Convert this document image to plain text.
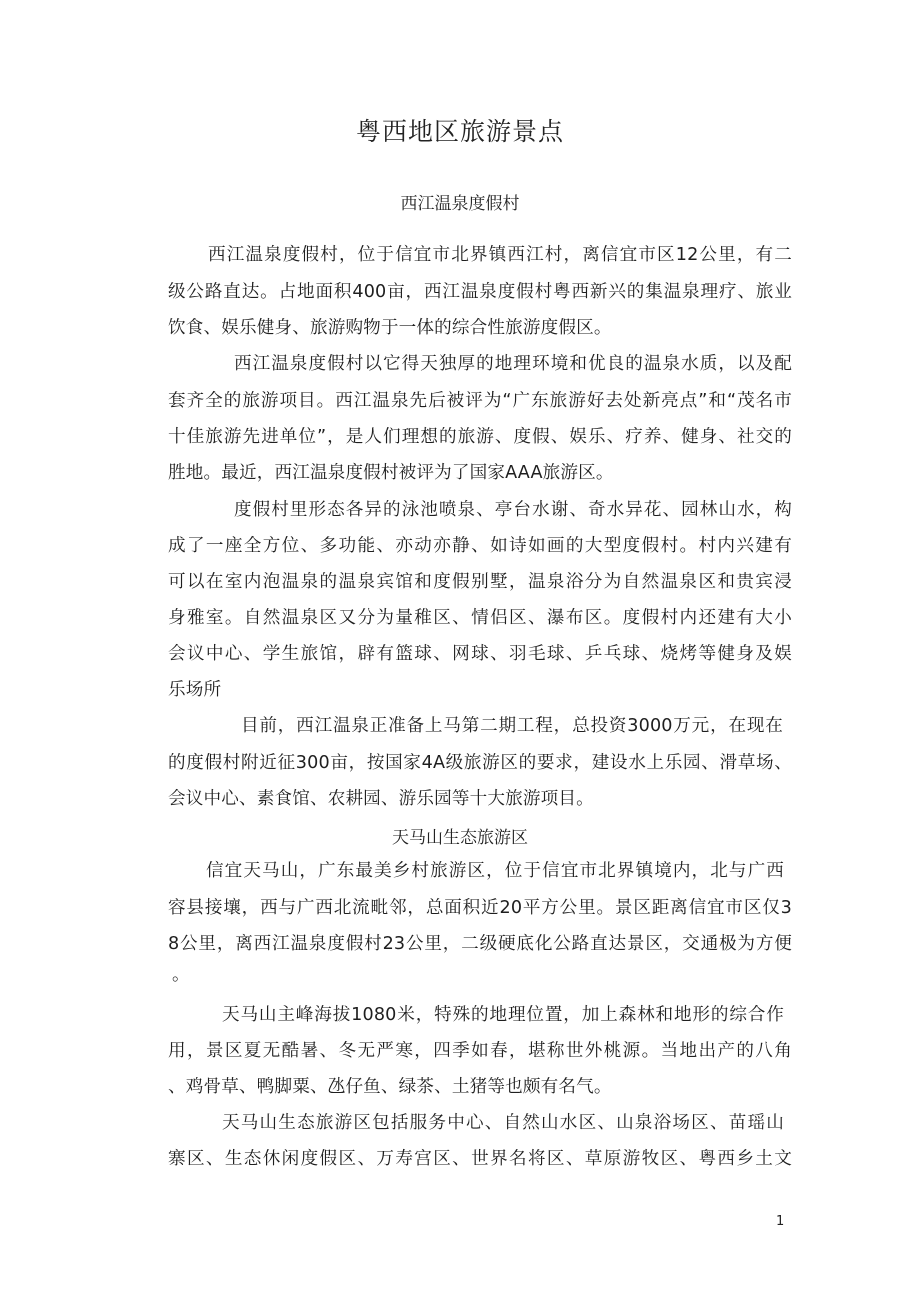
粤西地区旅游景点
西江温泉度假村
西江温泉度假村，位于信宜市北界镇西江村，离信宜市区12公里，有二
级公路直达。占地面积400亩，西江温泉度假村粤西新兴的集温泉理疗、旅业
饮食、娱乐健身、旅游购物于一体的综合性旅游度假区。
西江温泉度假村以它得天独厚的地理环境和优良的温泉水质，以及配
套齐全的旅游项目。西江温泉先后被评为“广东旅游好去处新亮点”和“茂名市
十佳旅游先进单位”，是人们理想的旅游、度假、娱乐、疗养、健身、社交的
胜地。最近，西江温泉度假村被评为了国家AAA旅游区。
度假村里形态各异的泳池喷泉、亭台水谢、奇水异花、园林山水，构
成了一座全方位、多功能、亦动亦静、如诗如画的大型度假村。村内兴建有
可以在室内泡温泉的温泉宾馆和度假别墅，温泉浴分为自然温泉区和贵宾浸
身雅室。自然温泉区又分为量稚区、情侣区、瀑布区。度假村内还建有大小
会议中心、学生旅馆，辟有篮球、网球、羽毛球、乒乓球、烧烤等健身及娱
乐场所
目前，西江温泉正准备上马第二期工程，总投资3000万元，在现在
的度假村附近征300亩，按国家4A级旅游区的要求，建设水上乐园、滑草场、
会议中心、素食馆、农耕园、游乐园等十大旅游项目。
天马山生态旅游区
信宜天马山，广东最美乡村旅游区，位于信宜市北界镇境内，北与广西
容县接壤，西与广西北流毗邻，总面积近20平方公里。景区距离信宜市区仅3
8公里，离西江温泉度假村23公里，二级硬底化公路直达景区，交通极为方便
。
天马山主峰海拔1080米，特殊的地理位置，加上森林和地形的综合作
用，景区夏无酷暑、冬无严寒，四季如春，堪称世外桃源。当地出产的八角
、鸡骨草、鸭脚粟、氹仔鱼、绿茶、土猪等也颇有名气。
天马山生态旅游区包括服务中心、自然山水区、山泉浴场区、苗瑶山
寨区、生态休闲度假区、万寿宫区、世界名将区、草原游牧区、粤西乡土文
1
